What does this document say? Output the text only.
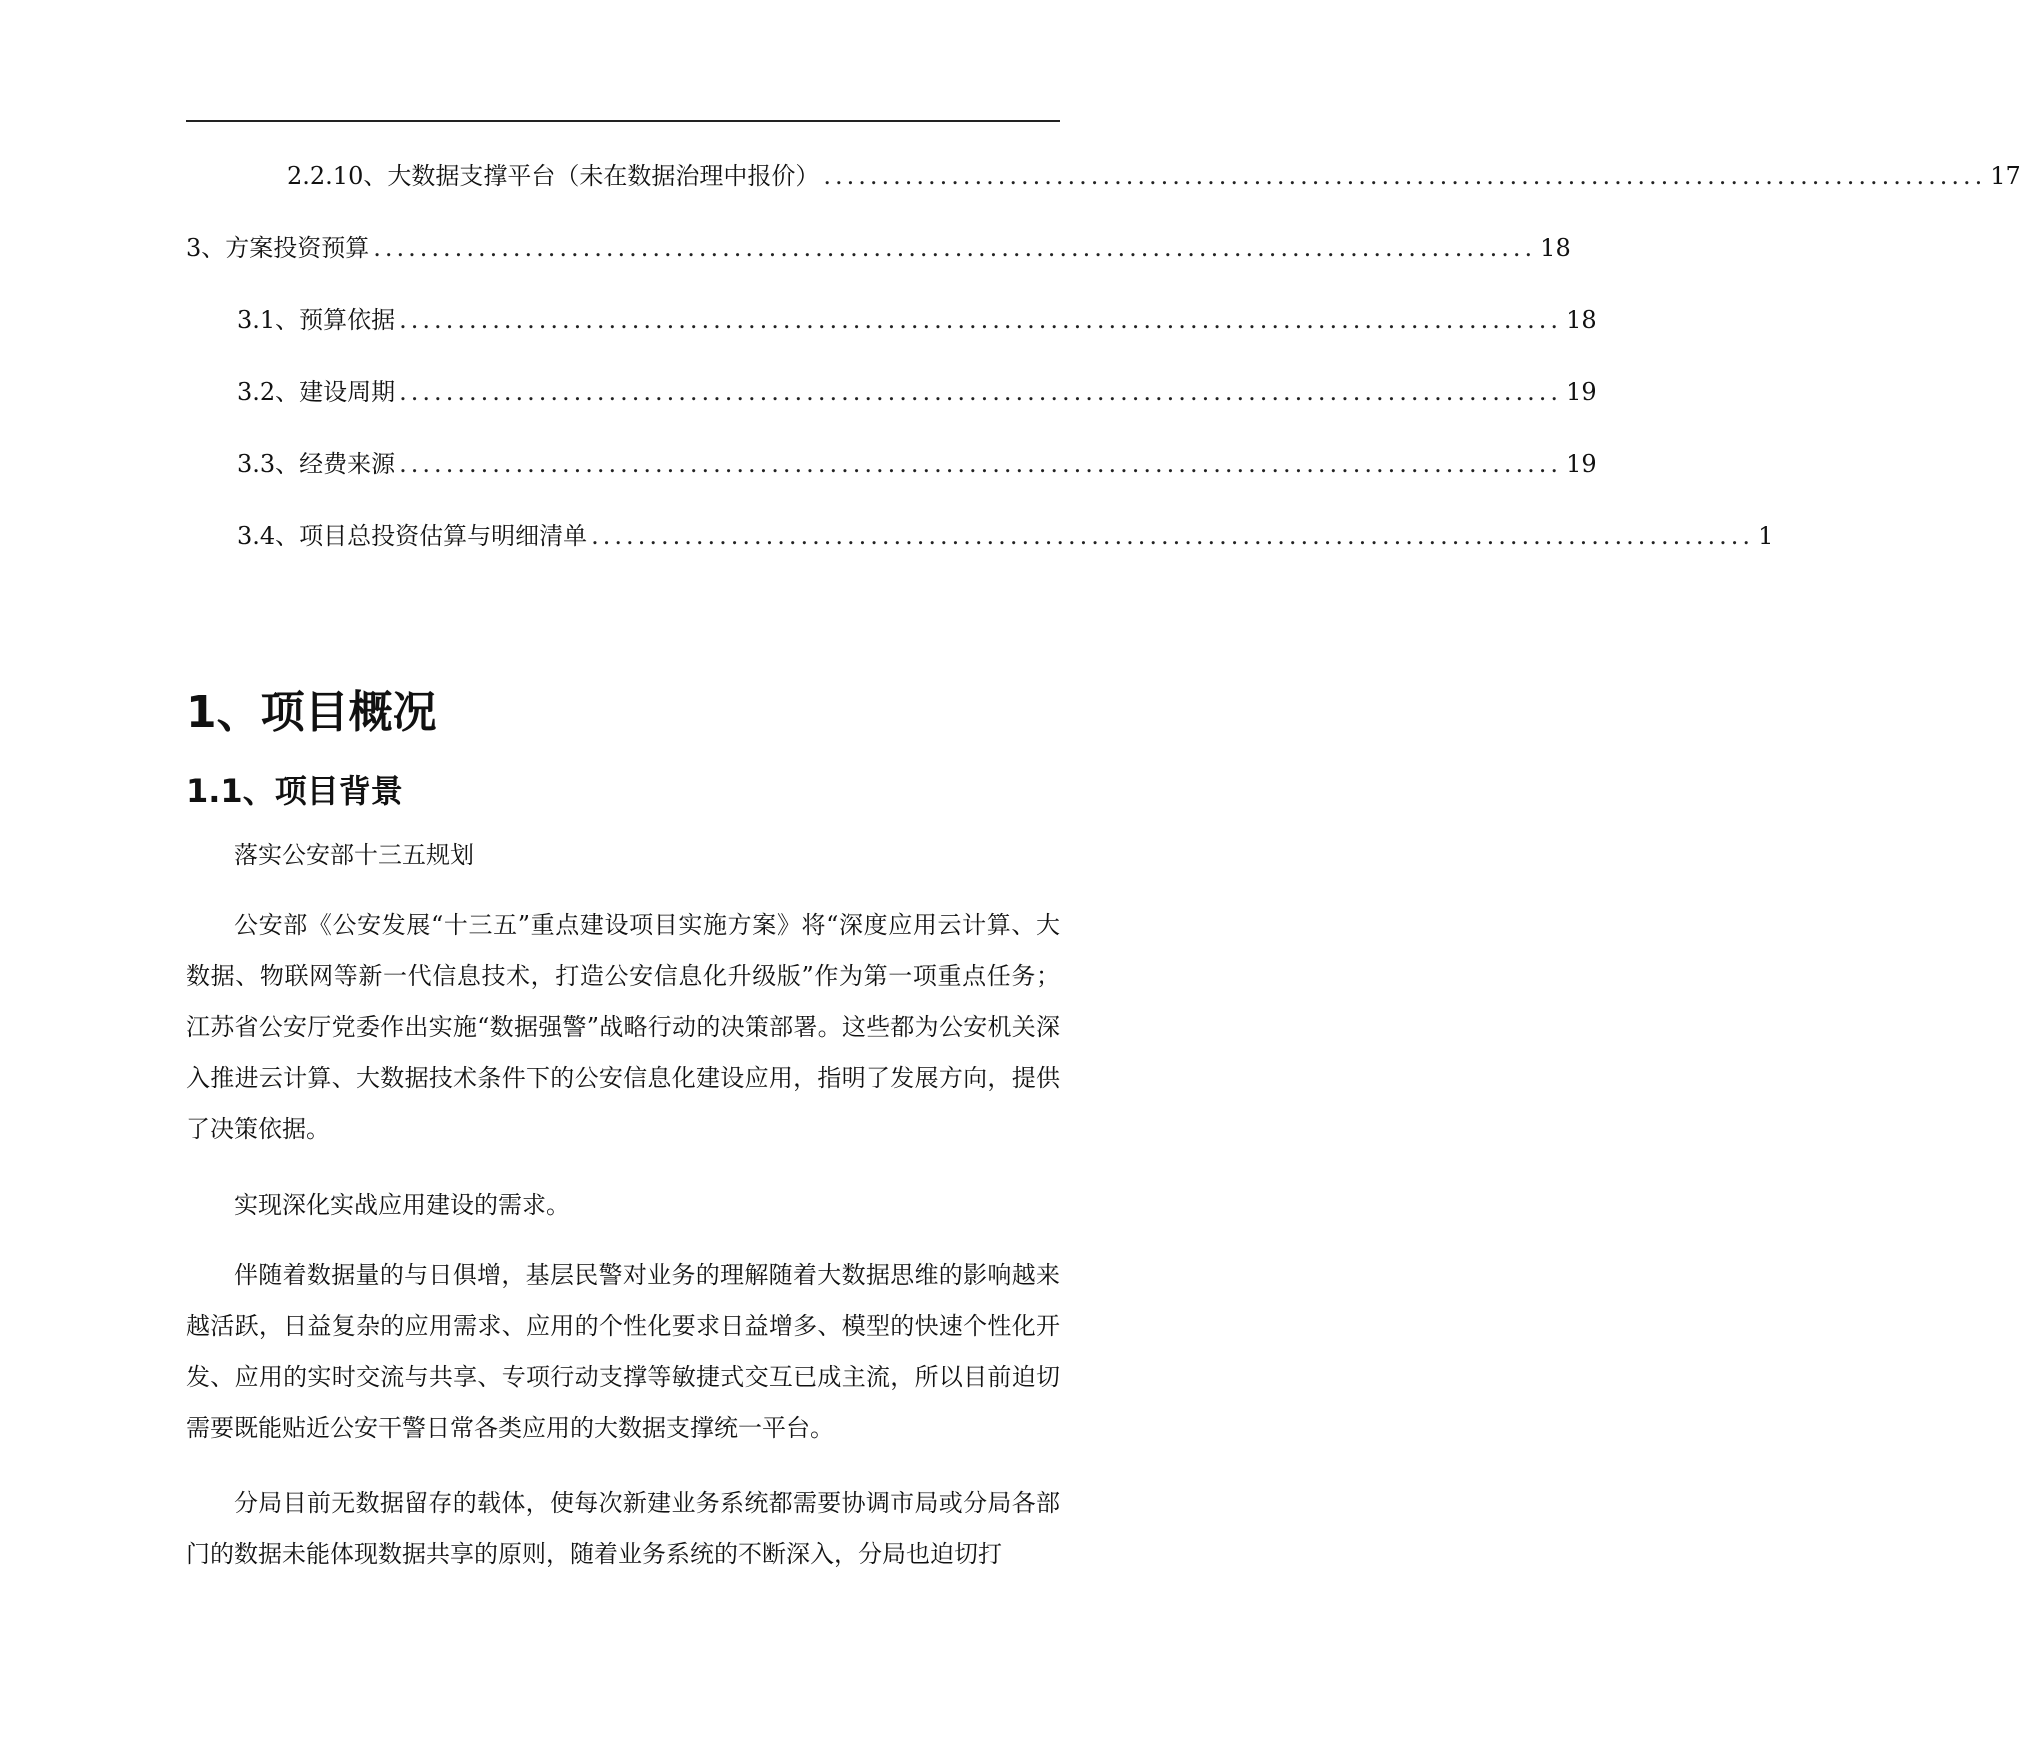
2.2.10、大数据支撑平台（未在数据治理中报价） .................................................................................................... 17
3、方案投资预算 .................................................................................................... 18
3.1、预算依据 .................................................................................................... 18
3.2、建设周期 .................................................................................................... 19
3.3、经费来源 .................................................................................................... 19
3.4、项目总投资估算与明细清单 .................................................................................................... 1
1、项目概况
1.1、项目背景

落实公安部十三五规划

公安部《公安发展“十三五”重点建设项目实施方案》将“深度应用云计算、大数据、物联网等新一代信息技术，打造公安信息化升级版”作为第一项重点任务；江苏省公安厅党委作出实施“数据强警”战略行动的决策部署。这些都为公安机关深入推进云计算、大数据技术条件下的公安信息化建设应用，指明了发展方向，提供了决策依据。

实现深化实战应用建设的需求。

伴随着数据量的与日俱增，基层民警对业务的理解随着大数据思维的影响越来越活跃，日益复杂的应用需求、应用的个性化要求日益增多、模型的快速个性化开发、应用的实时交流与共享、专项行动支撑等敏捷式交互已成主流，所以目前迫切需要既能贴近公安干警日常各类应用的大数据支撑统一平台。

分局目前无数据留存的载体，使每次新建业务系统都需要协调市局或分局各部门的数据未能体现数据共享的原则，随着业务系统的不断深入，分局也迫切打
